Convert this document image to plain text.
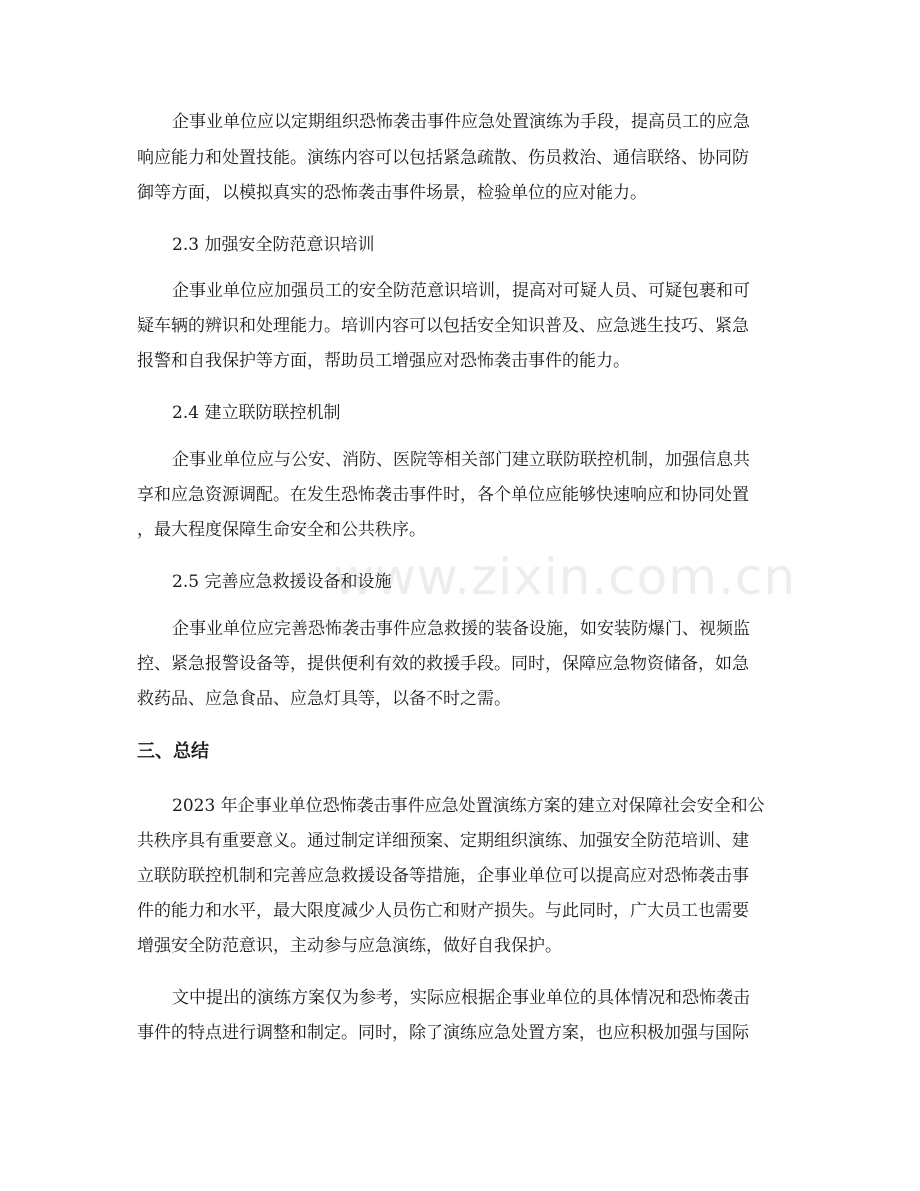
www.zixin.com.cn
企事业单位应以定期组织恐怖袭击事件应急处置演练为手段，提高员工的应急
响应能力和处置技能。演练内容可以包括紧急疏散、伤员救治、通信联络、协同防
御等方面，以模拟真实的恐怖袭击事件场景，检验单位的应对能力。
2.3 加强安全防范意识培训
企事业单位应加强员工的安全防范意识培训，提高对可疑人员、可疑包裹和可
疑车辆的辨识和处理能力。培训内容可以包括安全知识普及、应急逃生技巧、紧急
报警和自我保护等方面，帮助员工增强应对恐怖袭击事件的能力。
2.4 建立联防联控机制
企事业单位应与公安、消防、医院等相关部门建立联防联控机制，加强信息共
享和应急资源调配。在发生恐怖袭击事件时，各个单位应能够快速响应和协同处置
，最大程度保障生命安全和公共秩序。
2.5 完善应急救援设备和设施
企事业单位应完善恐怖袭击事件应急救援的装备设施，如安装防爆门、视频监
控、紧急报警设备等，提供便利有效的救援手段。同时，保障应急物资储备，如急
救药品、应急食品、应急灯具等，以备不时之需。
三、总结
2023 年企事业单位恐怖袭击事件应急处置演练方案的建立对保障社会安全和公
共秩序具有重要意义。通过制定详细预案、定期组织演练、加强安全防范培训、建
立联防联控机制和完善应急救援设备等措施，企事业单位可以提高应对恐怖袭击事
件的能力和水平，最大限度减少人员伤亡和财产损失。与此同时，广大员工也需要
增强安全防范意识，主动参与应急演练，做好自我保护。
文中提出的演练方案仅为参考，实际应根据企事业单位的具体情况和恐怖袭击
事件的特点进行调整和制定。同时，除了演练应急处置方案，也应积极加强与国际
